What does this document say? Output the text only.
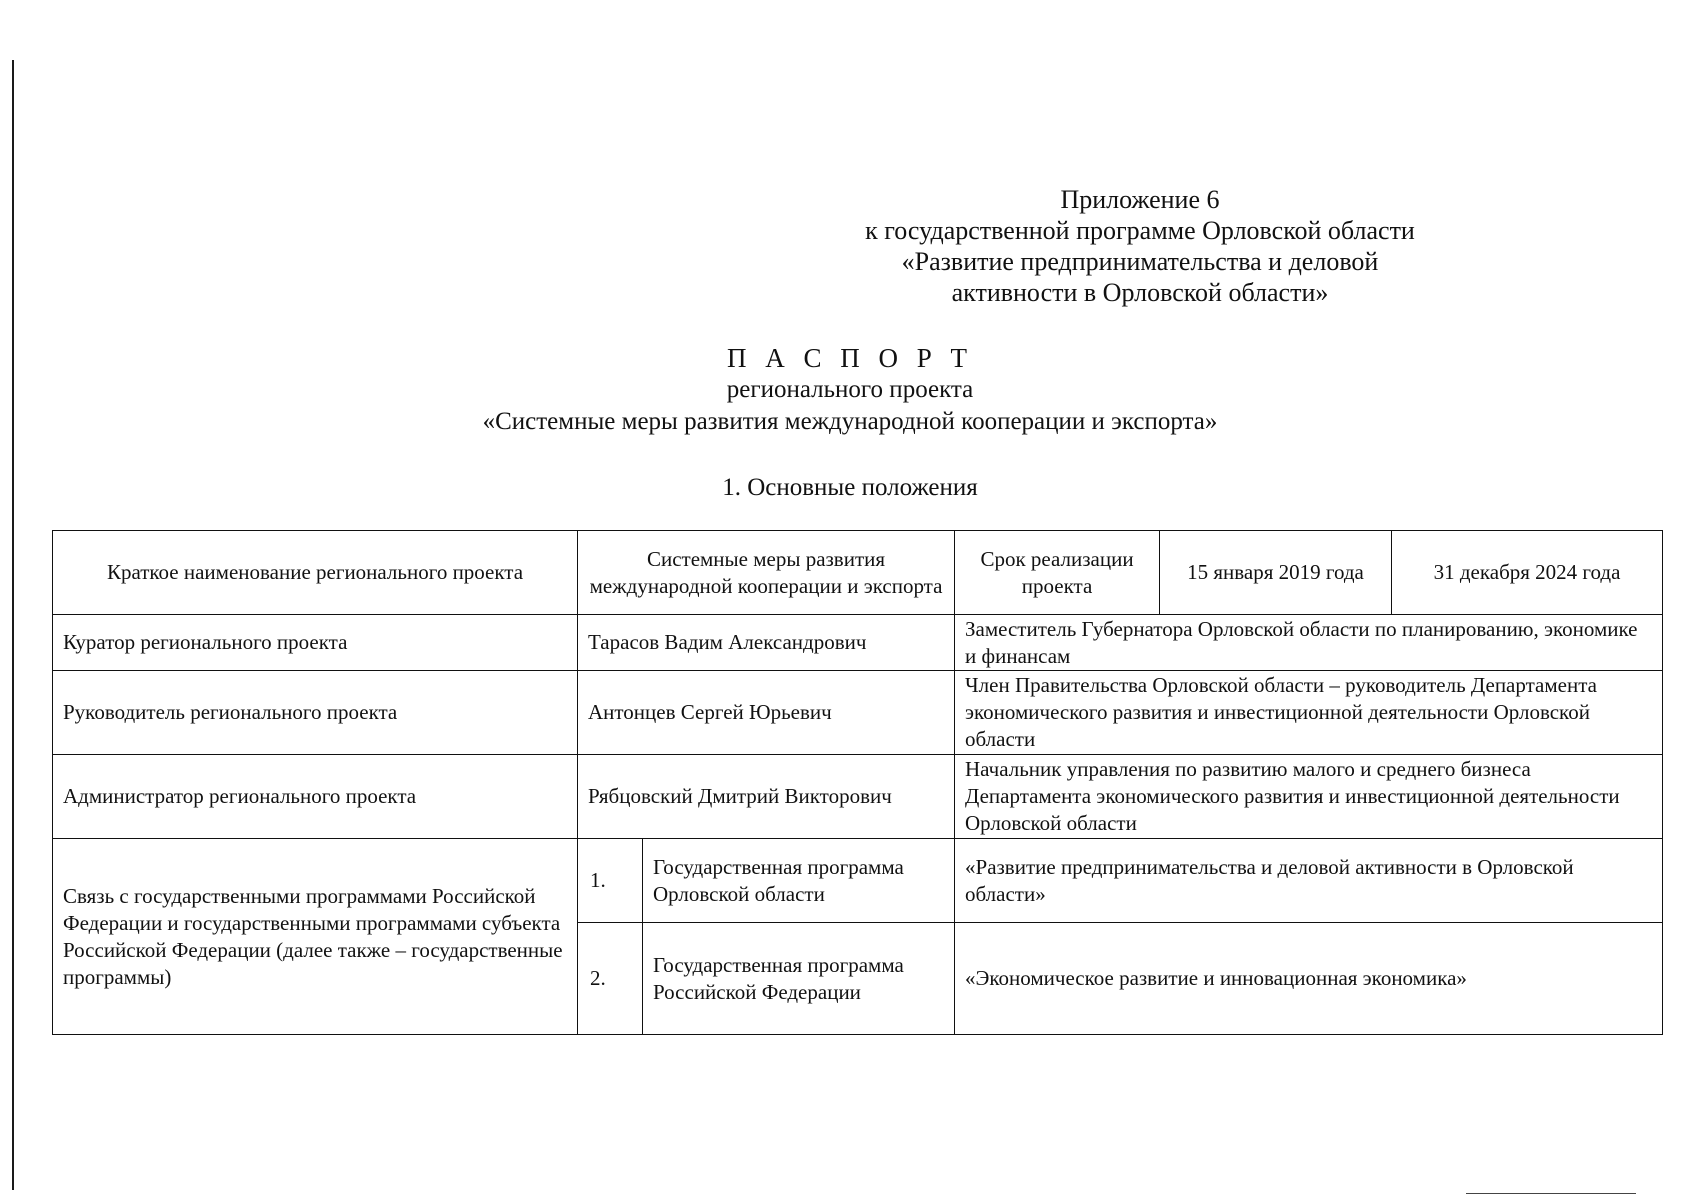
Приложение 6
к государственной программе Орловской области
«Развитие предпринимательства и деловой
активности в Орловской области»
П А С П О Р Т
регионального проекта
«Системные меры развития международной кооперации и экспорта»
1. Основные положения
Краткое наименование регионального проекта	Системные меры развития международной кооперации и экспорта		Срок реализации проекта	15 января 2019 года	31 декабря 2024 года
Куратор регионального проекта	Тарасов Вадим Александрович		Заместитель Губернатора Орловской области по планированию, экономике и финансам		
Руководитель регионального проекта	Антонцев Сергей Юрьевич		Член Правительства Орловской области – руководитель Департамента экономического развития и инвестиционной деятельности Орловской области		
Администратор регионального проекта	Рябцовский Дмитрий Викторович		Начальник управления по развитию малого и среднего бизнеса Департамента экономического развития и инвестиционной деятельности Орловской области		
Связь с государственными программами Российской Федерации и государственными программами субъекта Российской Федерации (далее также – государственные программы)	1.	Государственная программа Орловской области	«Развитие предпринимательства и деловой активности в Орловской области»		
	2.	Государственная программа Российской Федерации	«Экономическое развитие и инновационная экономика»		
